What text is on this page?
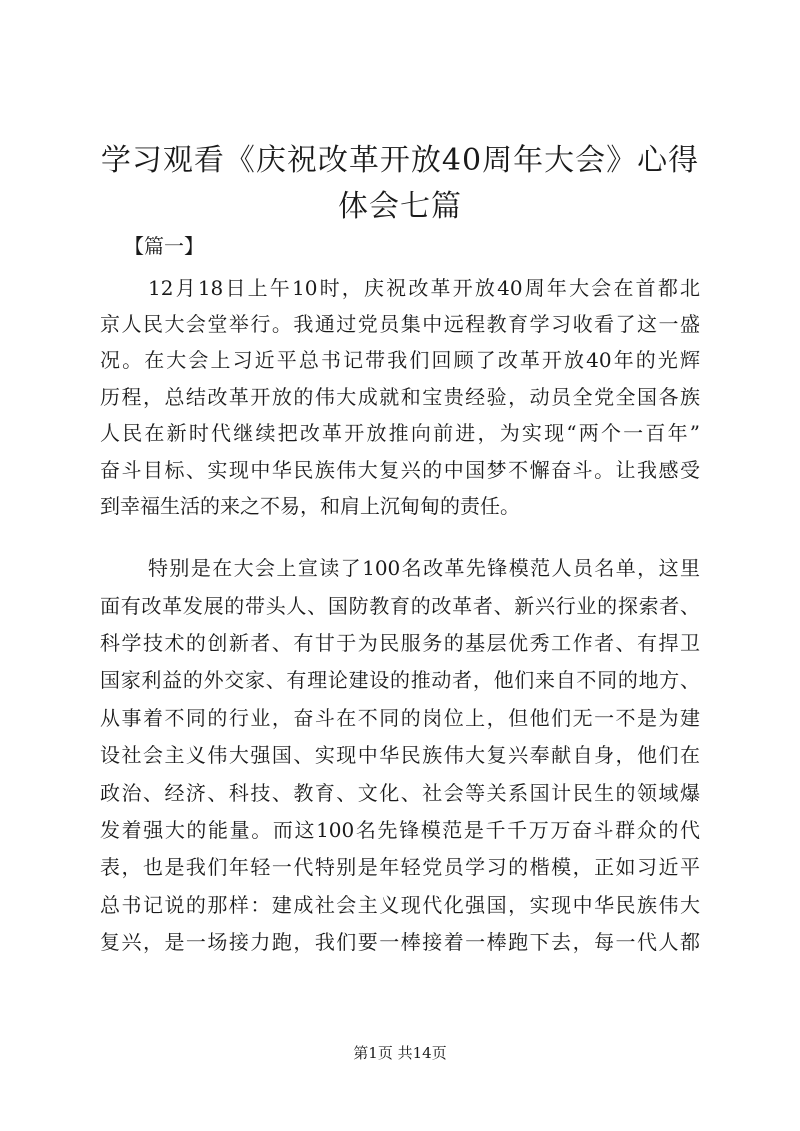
学习观看《庆祝改革开放40周年大会》心得
体会七篇

【篇一】

12月18日上午10时，庆祝改革开放40周年大会在首都北

京人民大会堂举行。我通过党员集中远程教育学习收看了这一盛

况。在大会上习近平总书记带我们回顾了改革开放40年的光辉

历程，总结改革开放的伟大成就和宝贵经验，动员全党全国各族

人民在新时代继续把改革开放推向前进，为实现“两个一百年”

奋斗目标、实现中华民族伟大复兴的中国梦不懈奋斗。让我感受

到幸福生活的来之不易，和肩上沉甸甸的责任。

特别是在大会上宣读了100名改革先锋模范人员名单，这里

面有改革发展的带头人、国防教育的改革者、新兴行业的探索者、

科学技术的创新者、有甘于为民服务的基层优秀工作者、有捍卫

国家利益的外交家、有理论建设的推动者，他们来自不同的地方、

从事着不同的行业，奋斗在不同的岗位上，但他们无一不是为建

设社会主义伟大强国、实现中华民族伟大复兴奉献自身，他们在

政治、经济、科技、教育、文化、社会等关系国计民生的领域爆

发着强大的能量。而这100名先锋模范是千千万万奋斗群众的代

表，也是我们年轻一代特别是年轻党员学习的楷模，正如习近平

总书记说的那样：建成社会主义现代化强国，实现中华民族伟大

复兴，是一场接力跑，我们要一棒接着一棒跑下去，每一代人都

第1页 共14页
